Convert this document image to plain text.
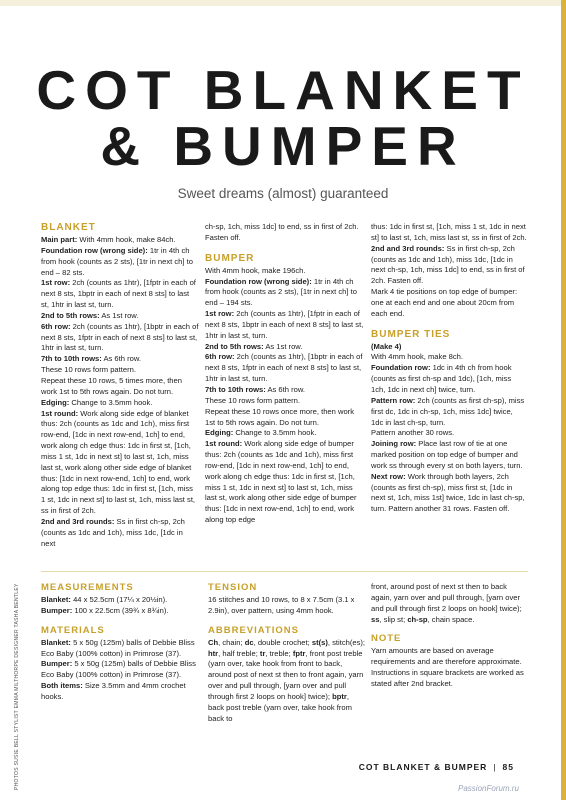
COT BLANKET
& BUMPER
Sweet dreams (almost) guaranteed
BLANKET

Main part: With 4mm hook, make 84ch.

Foundation row (wrong side): 1tr in 4th ch from hook (counts as 2 sts), [1tr in next ch] to end – 82 sts.

1st row: 2ch (counts as 1htr), [1fptr in each of next 8 sts, 1bptr in each of next 8 sts] to last st, 1htr in last st, turn.

2nd to 5th rows: As 1st row.

6th row: 2ch (counts as 1htr), [1bptr in each of next 8 sts, 1fptr in each of next 8 sts] to last st, 1htr in last st, turn.

7th to 10th rows: As 6th row.

These 10 rows form pattern.

Repeat these 10 rows, 5 times more, then work 1st to 5th rows again. Do not turn.

Edging: Change to 3.5mm hook.

1st round: Work along side edge of blanket thus: 2ch (counts as 1dc and 1ch), miss first row-end, [1dc in next row-end, 1ch] to end, work along ch edge thus: 1dc in first st, [1ch, miss 1 st, 1dc in next st] to last st, 1ch, miss last st, work along other side edge of blanket thus: [1dc in next row-end, 1ch] to end, work along top edge thus: 1dc in first st, [1ch, miss 1 st, 1dc in next st] to last st, 1ch, miss last st, ss in first of 2ch.

2nd and 3rd rounds: Ss in first ch-sp, 2ch (counts as 1dc and 1ch), miss 1dc, [1dc in next

ch-sp, 1ch, miss 1dc] to end, ss in first of 2ch. Fasten off.

BUMPER

With 4mm hook, make 196ch.

Foundation row (wrong side): 1tr in 4th ch from hook (counts as 2 sts), [1tr in next ch] to end – 194 sts.

1st row: 2ch (counts as 1htr), [1fptr in each of next 8 sts, 1bptr in each of next 8 sts] to last st, 1htr in last st, turn.

2nd to 5th rows: As 1st row.

6th row: 2ch (counts as 1htr), [1bptr in each of next 8 sts, 1fptr in each of next 8 sts] to last st, 1htr in last st, turn.

7th to 10th rows: As 6th row.

These 10 rows form pattern.

Repeat these 10 rows once more, then work 1st to 5th rows again. Do not turn.

Edging: Change to 3.5mm hook.

1st round: Work along side edge of bumper thus: 2ch (counts as 1dc and 1ch), miss first row-end, [1dc in next row-end, 1ch] to end, work along ch edge thus: 1dc in first st, [1ch, miss 1 st, 1dc in next st] to last st, 1ch, miss last st, work along other side edge of bumper thus: [1dc in next row-end, 1ch] to end, work along top edge

thus: 1dc in first st, [1ch, miss 1 st, 1dc in next st] to last st, 1ch, miss last st, ss in first of 2ch.

2nd and 3rd rounds: Ss in first ch-sp, 2ch (counts as 1dc and 1ch), miss 1dc, [1dc in next ch-sp, 1ch, miss 1dc] to end, ss in first of 2ch. Fasten off.

Mark 4 tie positions on top edge of bumper: one at each end and one about 20cm from each end.

BUMPER TIES

(Make 4)

With 4mm hook, make 8ch.

Foundation row: 1dc in 4th ch from hook (counts as first ch-sp and 1dc), [1ch, miss 1ch, 1dc in next ch] twice, turn.

Pattern row: 2ch (counts as first ch-sp), miss first dc, 1dc in ch-sp, 1ch, miss 1dc] twice, 1dc in last ch-sp, turn.

Pattern another 30 rows.

Joining row: Place last row of tie at one marked position on top edge of bumper and work ss through every st on both layers, turn.

Next row: Work through both layers, 2ch (counts as first ch-sp), miss first st, [1dc in next st, 1ch, miss 1st] twice, 1dc in last ch-sp, turn. Pattern another 31 rows. Fasten off.

MEASUREMENTS

Blanket: 44 x 52.5cm (17¼ x 20½in).

Bumper: 100 x 22.5cm (39¾ x 8¾in).

MATERIALS

Blanket: 5 x 50g (125m) balls of Debbie Bliss Eco Baby (100% cotton) in Primrose (37).

Bumper: 5 x 50g (125m) balls of Debbie Bliss Eco Baby (100% cotton) in Primrose (37).

Both items: Size 3.5mm and 4mm crochet hooks.

TENSION

16 stitches and 10 rows, to 8 x 7.5cm (3.1 x 2.9in), over pattern, using 4mm hook.

ABBREVIATIONS

Ch, chain; dc, double crochet; st(s), stitch(es); htr, half treble; tr, treble; fptr, front post treble (yarn over, take hook from front to back, around post of next st then to front again, yarn over and pull through, [yarn over and pull through first 2 loops on hook] twice); bptr, back post treble (yarn over, take hook from back to

front, around post of next st then to back again, yarn over and pull through, [yarn over and pull through first 2 loops on hook] twice); ss, slip st; ch-sp, chain space.

NOTE

Yarn amounts are based on average requirements and are therefore approximate. Instructions in square brackets are worked as stated after 2nd bracket.

PHOTOS SUSIE BELL STYLIST EMMA MILTHORPE DESIGNER TASHA BENTLEY	COT BLANKET & BUMPER | 85
PassionForum.ru
